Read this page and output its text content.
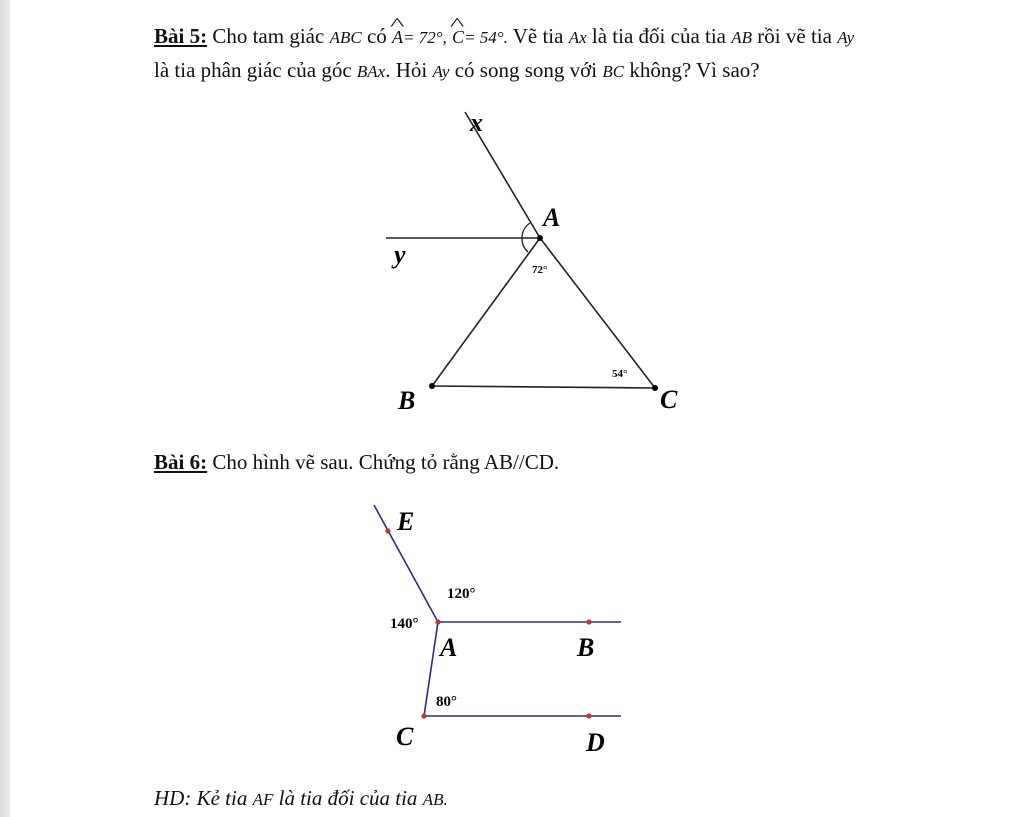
Bài 5: Cho tam giác ABC có ^ A= 72°, ^ C= 54°. Vẽ tia Ax là tia đối của tia AB rồi vẽ tia Ay
là tia phân giác của góc BAx. Hỏi Ay có song song với BC không? Vì sao?
x
A
y
B	C
72°
54°
Bài 6: Cho hình vẽ sau. Chứng tỏ rằng AB//CD.
E
A	B
C	D
120°
140°
80°
HD: Kẻ tia AF là tia đối của tia AB.
